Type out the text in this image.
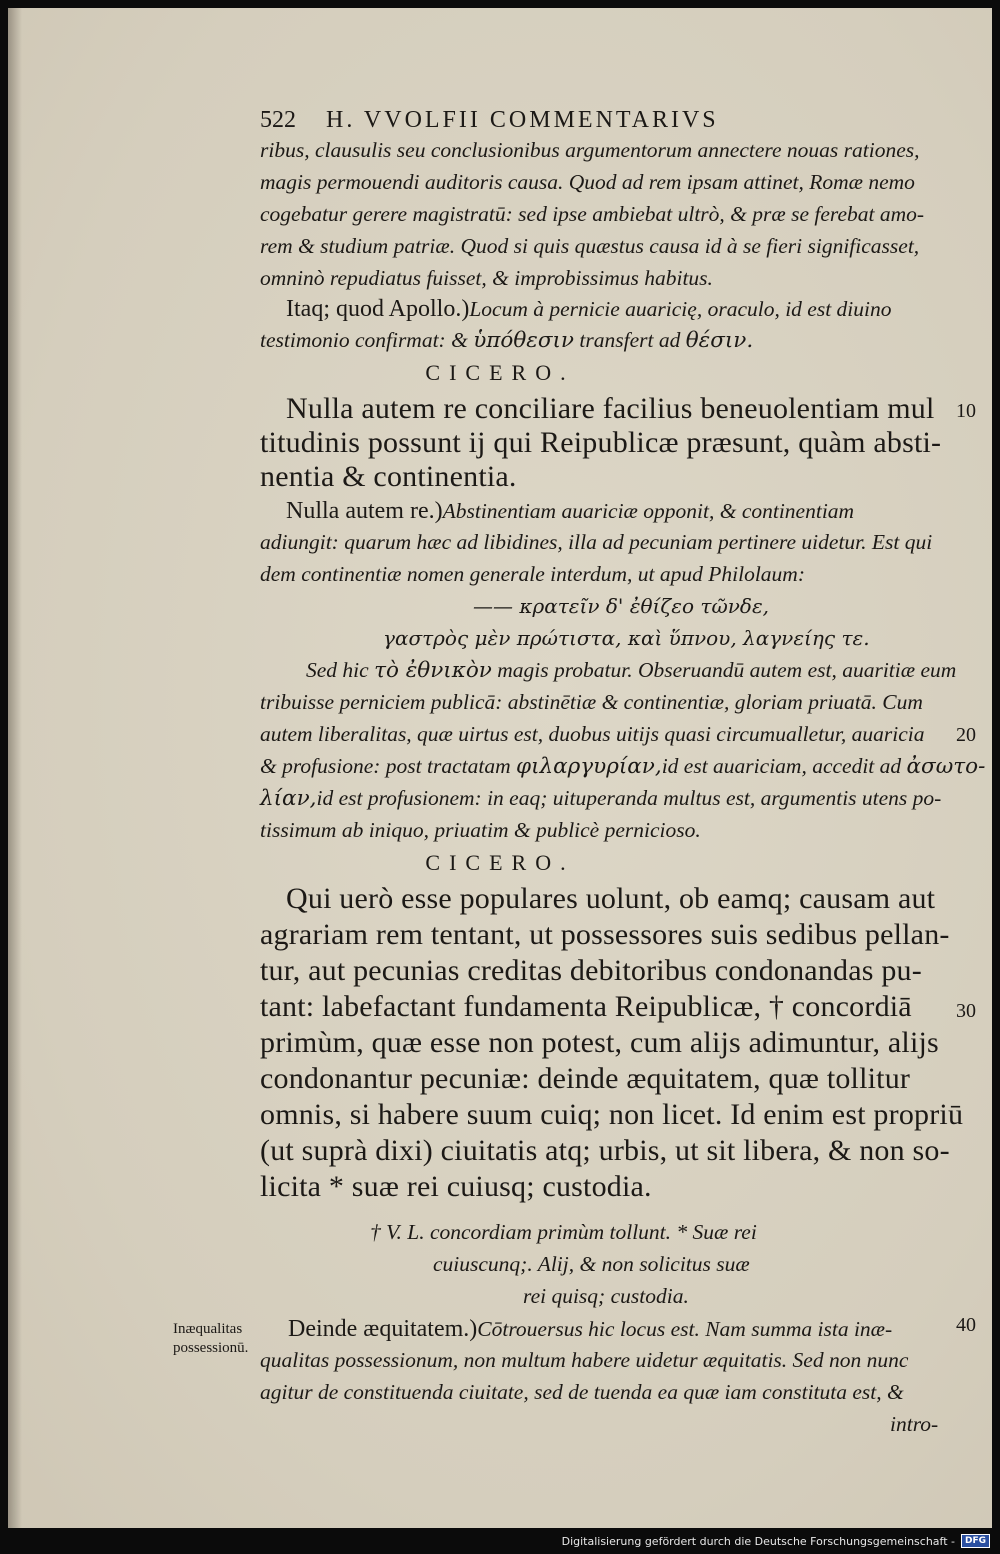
522 H. VVOLFII COMMENTARIVS

ribus, clausulis seu conclusionibus argumentorum annectere nouas rationes,

magis permouendi auditoris causa. Quod ad rem ipsam attinet, Romæ nemo

cogebatur gerere magistratū: sed ipse ambiebat ultrò, & præ se ferebat amo-

rem & studium patriæ. Quod si quis quæstus causa id à se fieri significasset,

omninò repudiatus fuisset, & improbissimus habitus.

Itaq; quod Apollo.)Locum à pernicie auaricię, oraculo, id est diuino

testimonio confirmat: & ὑπόθεσιν transfert ad θέσιν.

CICERO.

Nulla autem re conciliare facilius beneuolentiam mul 10

titudinis possunt ij qui Reipublicæ præsunt, quàm absti-

nentia & continentia.

Nulla autem re.)Abstinentiam auariciæ opponit, & continentiam

adiungit: quarum hæc ad libidines, illa ad pecuniam pertinere uidetur. Est qui

dem continentiæ nomen generale interdum, ut apud Philolaum:

—— κρατεῖν δ' ἐθίζεο τῶνδε,

γαστρὸς μὲν πρώτιστα, καὶ ὕπνου, λαγνείης τε.

Sed hic τὸ ἐθνικὸν magis probatur. Obseruandū autem est, auaritiæ eum

tribuisse perniciem publicā: abstinētiæ & continentiæ, gloriam priuatā. Cum

autem liberalitas, quæ uirtus est, duobus uitijs quasi circumualletur, auaricia 20

& profusione: post tractatam φιλαργυρίαν,id est auariciam, accedit ad ἀσωτο-

λίαν,id est profusionem: in eaq; uituperanda multus est, argumentis utens po-

tissimum ab iniquo, priuatim & publicè pernicioso.

CICERO.

Qui uerò esse populares uolunt, ob eamq; causam aut

agrariam rem tentant, ut possessores suis sedibus pellan-

tur, aut pecunias creditas debitoribus condonandas pu-

tant: labefactant fundamenta Reipublicæ, † concordiā 30

primùm, quæ esse non potest, cum alijs adimuntur, alijs

condonantur pecuniæ: deinde æquitatem, quæ tollitur

omnis, si habere suum cuiq; non licet. Id enim est propriū

(ut suprà dixi) ciuitatis atq; urbis, ut sit libera, & non so-

licita * suæ rei cuiusq; custodia.

† V. L. concordiam primùm tollunt. * Suæ rei

cuiuscunq;. Alij, & non solicitus suæ

rei quisq; custodia.

Inæqualitas
possessionū.

Deinde æquitatem.)Cōtrouersus hic locus est. Nam summa ista inæ-	40

qualitas possessionum, non multum habere uidetur æquitatis. Sed non nunc

agitur de constituenda ciuitate, sed de tuenda ea quæ iam constituta est, &

intro-

Digitalisierung gefördert durch die Deutsche Forschungsgemeinschaft -	DFG
